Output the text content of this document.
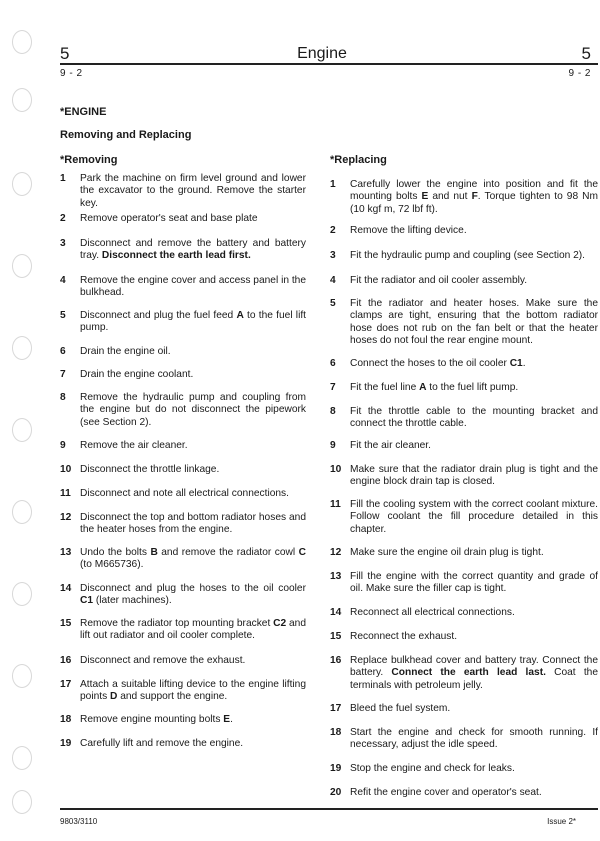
5	Engine	5
9 - 2	9 - 2
*ENGINE
Removing and Replacing
*Removing	*Replacing
1 Park the machine on firm level ground and lower the excavator to the ground. Remove the starter key.
2 Remove operator's seat and base plate
3 Disconnect and remove the battery and battery tray. Disconnect the earth lead first.
4 Remove the engine cover and access panel in the bulkhead.
5 Disconnect and plug the fuel feed A to the fuel lift pump.
6 Drain the engine oil.
7 Drain the engine coolant.
8 Remove the hydraulic pump and coupling from the engine but do not disconnect the pipework (see Section 2).
9 Remove the air cleaner.
10 Disconnect the throttle linkage.
11 Disconnect and note all electrical connections.
12 Disconnect the top and bottom radiator hoses and the heater hoses from the engine.
13 Undo the bolts B and remove the radiator cowl C (to M665736).
14 Disconnect and plug the hoses to the oil cooler C1 (later machines).
15 Remove the radiator top mounting bracket C2 and lift out radiator and oil cooler complete.
16 Disconnect and remove the exhaust.
17 Attach a suitable lifting device to the engine lifting points D and support the engine.
18 Remove engine mounting bolts E.
19 Carefully lift and remove the engine.
1 Carefully lower the engine into position and fit the mounting bolts E and nut F. Torque tighten to 98 Nm (10 kgf m, 72 lbf ft).
2 Remove the lifting device.
3 Fit the hydraulic pump and coupling (see Section 2).
4 Fit the radiator and oil cooler assembly.
5 Fit the radiator and heater hoses. Make sure the clamps are tight, ensuring that the bottom radiator hose does not rub on the fan belt or that the heater hoses do not foul the rear engine mount.
6 Connect the hoses to the oil cooler C1.
7 Fit the fuel line A to the fuel lift pump.
8 Fit the throttle cable to the mounting bracket and connect the throttle cable.
9 Fit the air cleaner.
10 Make sure that the radiator drain plug is tight and the engine block drain tap is closed.
11 Fill the cooling system with the correct coolant mixture. Follow coolant the fill procedure detailed in this chapter.
12 Make sure the engine oil drain plug is tight.
13 Fill the engine with the correct quantity and grade of oil. Make sure the filler cap is tight.
14 Reconnect all electrical connections.
15 Reconnect the exhaust.
16 Replace bulkhead cover and battery tray. Connect the battery. Connect the earth lead last. Coat the terminals with petroleum jelly.
17 Bleed the fuel system.
18 Start the engine and check for smooth running. If necessary, adjust the idle speed.
19 Stop the engine and check for leaks.
20 Refit the engine cover and operator's seat.
9803/3110	Issue 2*
